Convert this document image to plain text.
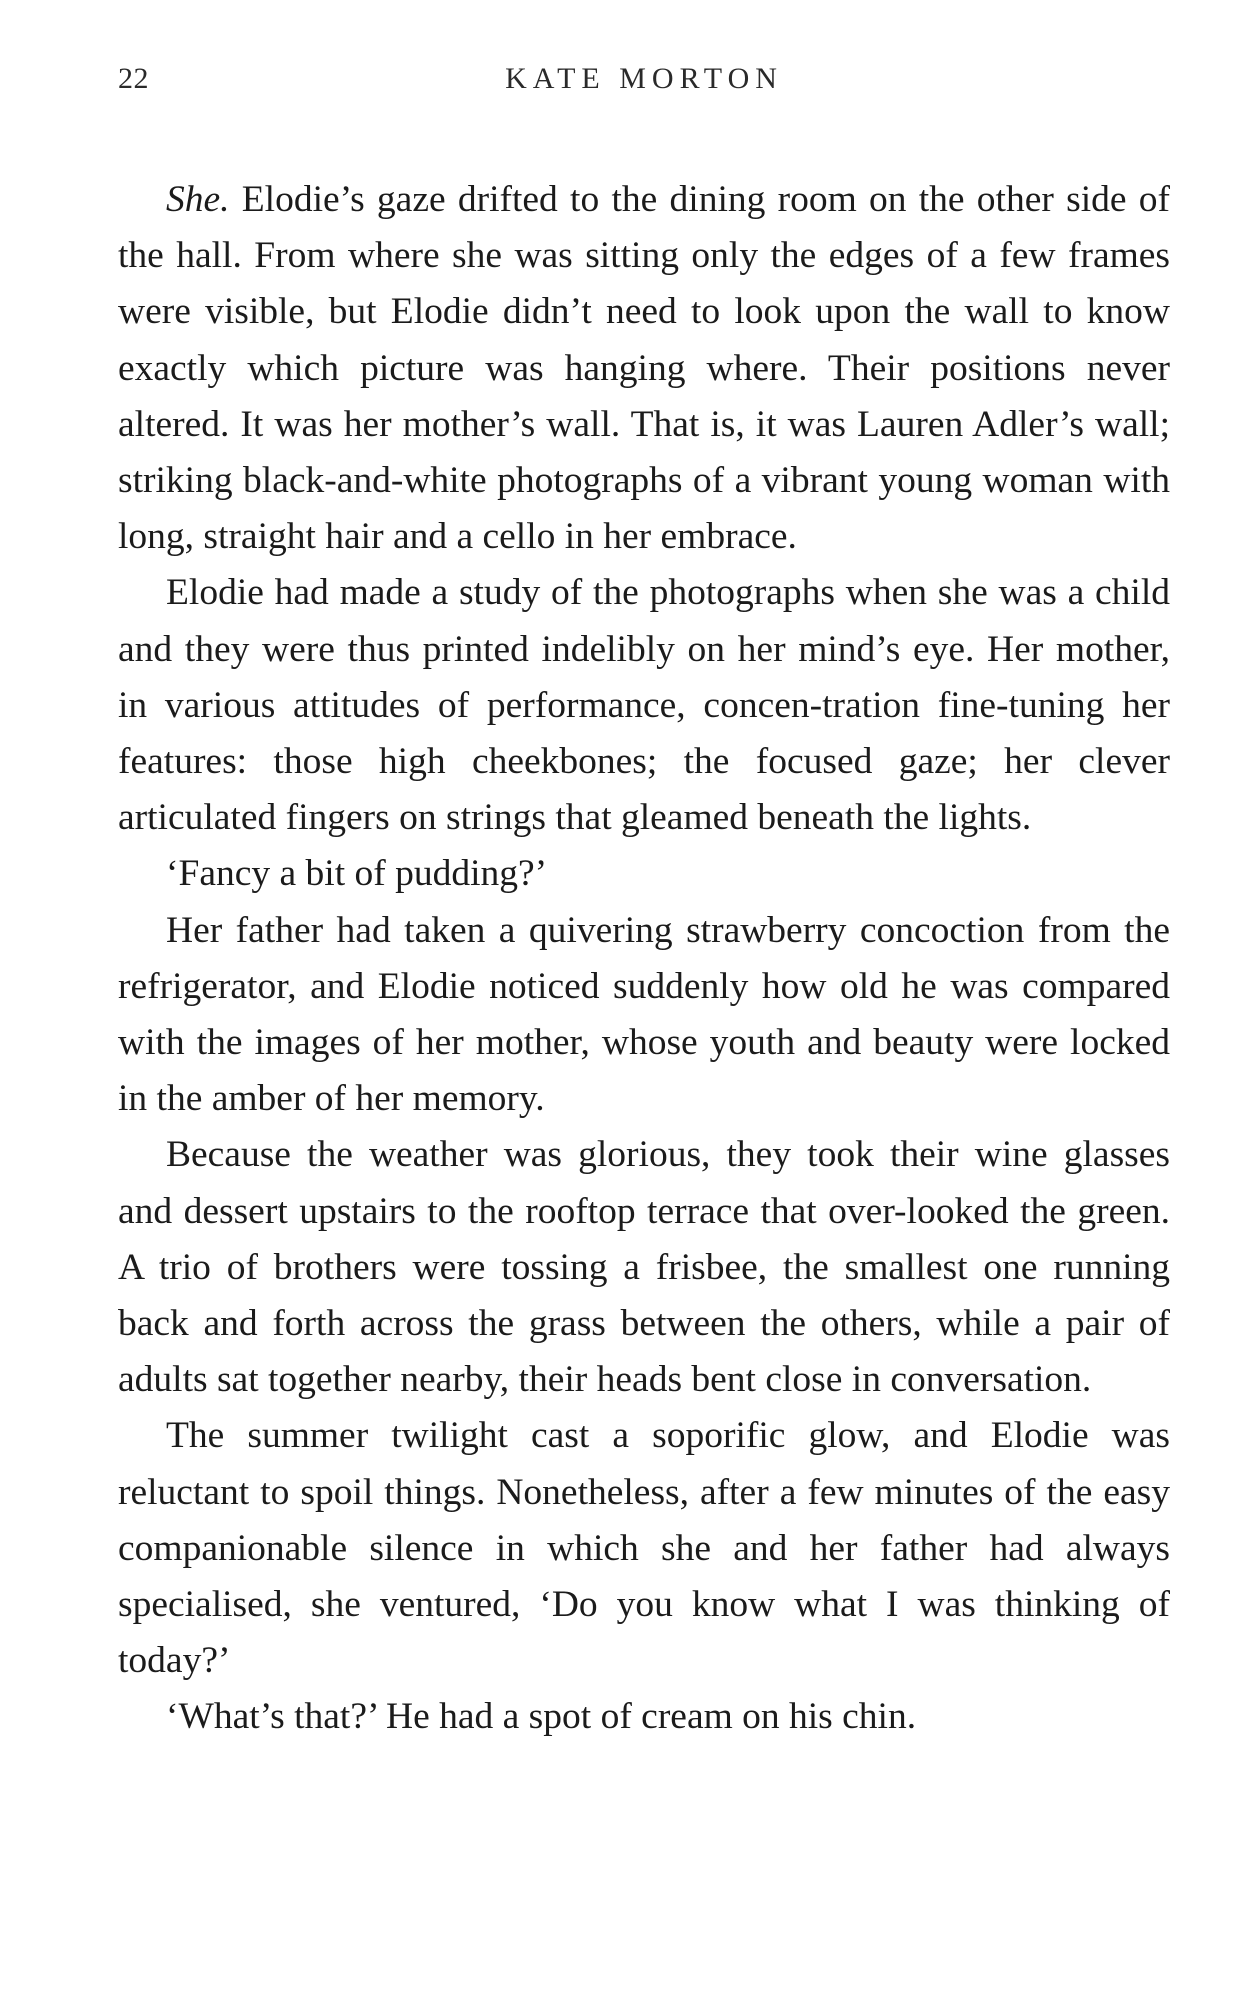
22	KATE MORTON

She. Elodie’s gaze drifted to the dining room on the other side of the hall. From where she was sitting only the edges of a few frames were visible, but Elodie didn’t need to look upon the wall to know exactly which picture was hanging where. Their positions never altered. It was her mother’s wall. That is, it was Lauren Adler’s wall; striking black-and-white photographs of a vibrant young woman with long, straight hair and a cello in her embrace.

Elodie had made a study of the photographs when she was a child and they were thus printed indelibly on her mind’s eye. Her mother, in various attitudes of performance, concen-tration fine-tuning her features: those high cheekbones; the focused gaze; her clever articulated fingers on strings that gleamed beneath the lights.

‘Fancy a bit of pudding?’

Her father had taken a quivering strawberry concoction from the refrigerator, and Elodie noticed suddenly how old he was compared with the images of her mother, whose youth and beauty were locked in the amber of her memory.

Because the weather was glorious, they took their wine glasses and dessert upstairs to the rooftop terrace that over-looked the green. A trio of brothers were tossing a frisbee, the smallest one running back and forth across the grass between the others, while a pair of adults sat together nearby, their heads bent close in conversation.

The summer twilight cast a soporific glow, and Elodie was reluctant to spoil things. Nonetheless, after a few minutes of the easy companionable silence in which she and her father had always specialised, she ventured, ‘Do you know what I was thinking of today?’

‘What’s that?’ He had a spot of cream on his chin.
